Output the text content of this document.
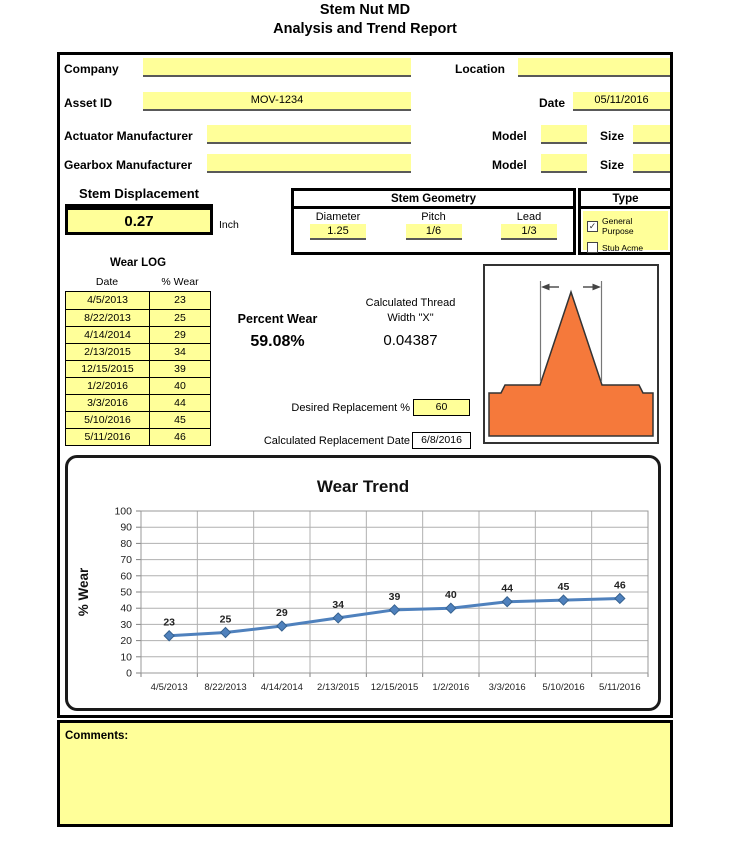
Stem Nut MD
Analysis and Trend Report
Company	Location
Asset ID	MOV-1234	Date	05/11/2016
Actuator Manufacturer	Model	Size
Gearbox Manufacturer	Model	Size
Stem Displacement
0.27	Inch
Stem Geometry
Diameter
1.25
Pitch
1/6
Lead
1/3
Type
✓ General Purpose
Stub Acme
Wear LOG
Date	% Wear
4/5/2013	23
8/22/2013	25
4/14/2014	29
2/13/2015	34
12/15/2015	39
1/2/2016	40
3/3/2016	44
5/10/2016	45
5/11/2016	46
Percent Wear
59.08%
Calculated Thread
Width "X"
0.04387
Desired Replacement %	60
Calculated Replacement Date	6/8/2016
0
10
20
30
40
50
60
70
80
90
100
23
4/5/2013
25
8/22/2013
29
4/14/2014
34
2/13/2015
39
12/15/2015
40
1/2/2016
44
3/3/2016
45
5/10/2016
46
5/11/2016
Wear Trend
% Wear
Comments:
